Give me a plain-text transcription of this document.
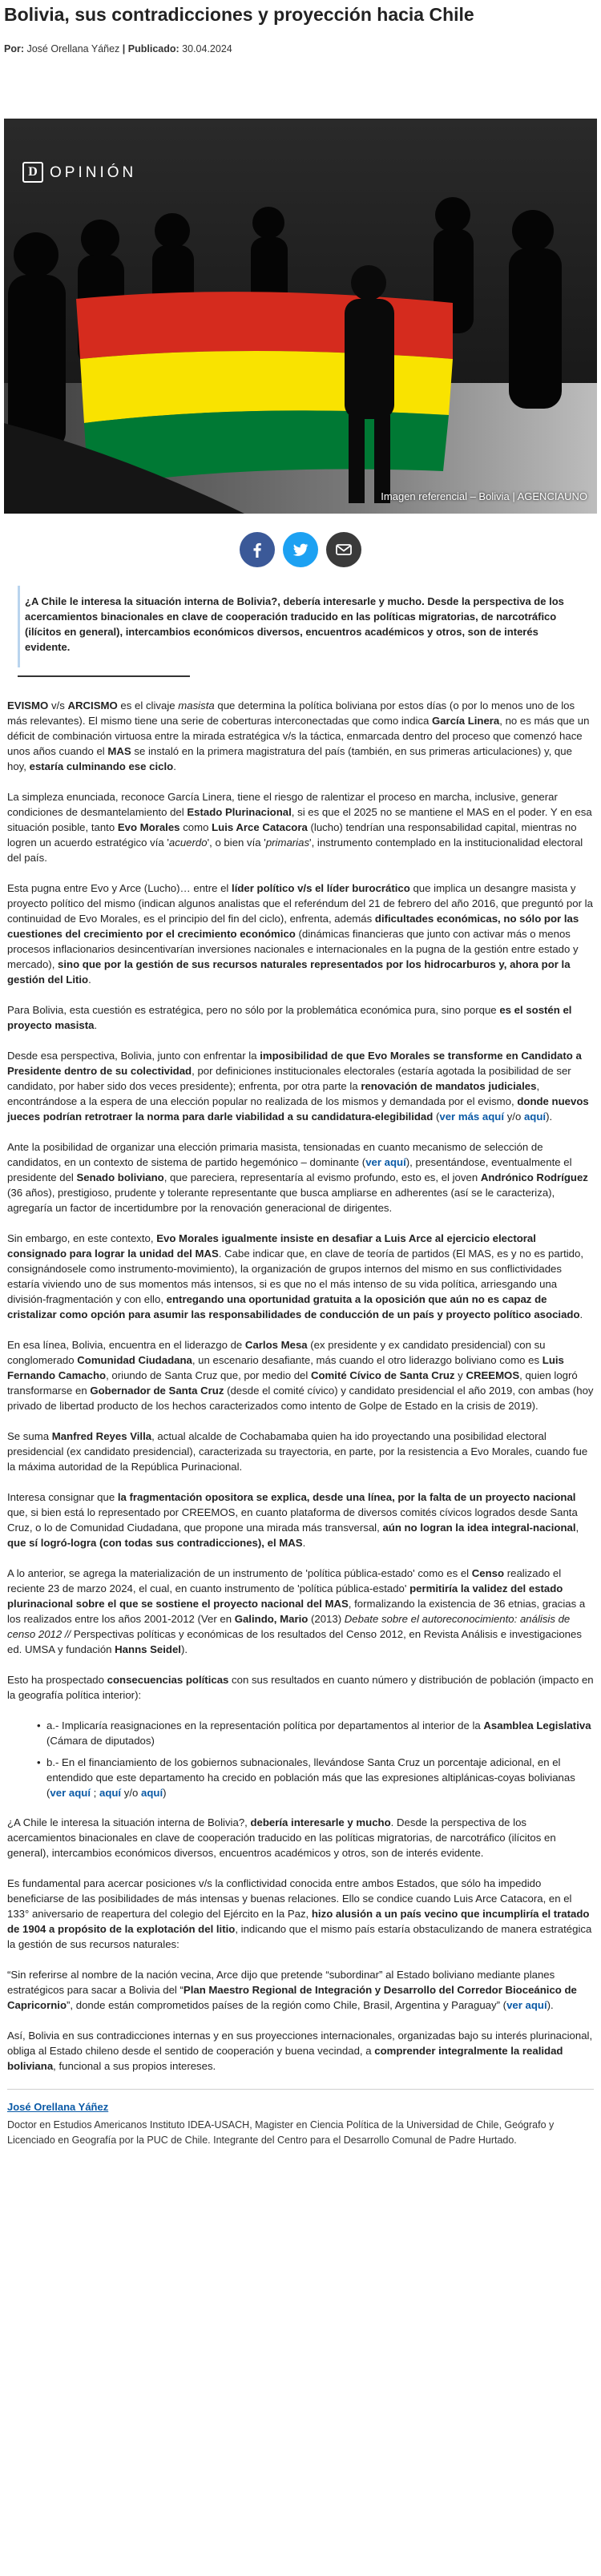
Bolivia, sus contradicciones y proyección hacia Chile
Por: José Orellana Yáñez | Publicado: 30.04.2024
D OPINIÓN
Imagen referencial – Bolivia | AGENCIAUNO
¿A Chile le interesa la situación interna de Bolivia?, debería interesarle y mucho. Desde la perspectiva de los acercamientos binacionales en clave de cooperación traducido en las políticas migratorias, de narcotráfico (ilícitos en general), intercambios económicos diversos, encuentros académicos y otros, son de interés evidente.

EVISMO v/s ARCISMO es el clivaje masista que determina la política boliviana por estos días (o por lo menos uno de los más relevantes). El mismo tiene una serie de coberturas interconectadas que como indica García Linera, no es más que un déficit de combinación virtuosa entre la mirada estratégica v/s la táctica, enmarcada dentro del proceso que comenzó hace unos años cuando el MAS se instaló en la primera magistratura del país (también, en sus primeras articulaciones) y, que hoy, estaría culminando ese ciclo.

La simpleza enunciada, reconoce García Linera, tiene el riesgo de ralentizar el proceso en marcha, inclusive, generar condiciones de desmantelamiento del Estado Plurinacional, si es que el 2025 no se mantiene el MAS en el poder. Y en esa situación posible, tanto Evo Morales como Luis Arce Catacora (lucho) tendrían una responsabilidad capital, mientras no logren un acuerdo estratégico vía 'acuerdo', o bien vía 'primarias', instrumento contemplado en la institucionalidad electoral del país.

Esta pugna entre Evo y Arce (Lucho)… entre el líder político v/s el líder burocrático que implica un desangre masista y proyecto político del mismo (indican algunos analistas que el referéndum del 21 de febrero del año 2016, que preguntó por la continuidad de Evo Morales, es el principio del fin del ciclo), enfrenta, además dificultades económicas, no sólo por las cuestiones del crecimiento por el crecimiento económico (dinámicas financieras que junto con activar más o menos procesos inflacionarios desincentivarían inversiones nacionales e internacionales en la pugna de la gestión entre estado y mercado), sino que por la gestión de sus recursos naturales representados por los hidrocarburos y, ahora por la gestión del Litio.

Para Bolivia, esta cuestión es estratégica, pero no sólo por la problemática económica pura, sino porque es el sostén el proyecto masista.

Desde esa perspectiva, Bolivia, junto con enfrentar la imposibilidad de que Evo Morales se transforme en Candidato a Presidente dentro de su colectividad, por definiciones institucionales electorales (estaría agotada la posibilidad de ser candidato, por haber sido dos veces presidente); enfrenta, por otra parte la renovación de mandatos judiciales, encontrándose a la espera de una elección popular no realizada de los mismos y demandada por el evismo, donde nuevos jueces podrían retrotraer la norma para darle viabilidad a su candidatura-elegibilidad (ver más aquí y/o aquí).

Ante la posibilidad de organizar una elección primaria masista, tensionadas en cuanto mecanismo de selección de candidatos, en un contexto de sistema de partido hegemónico – dominante (ver aquí), presentándose, eventualmente el presidente del Senado boliviano, que pareciera, representaría al evismo profundo, esto es, el joven Andrónico Rodríguez (36 años), prestigioso, prudente y tolerante representante que busca ampliarse en adherentes (así se le caracteriza), agregaría un factor de incertidumbre por la renovación generacional de dirigentes.

Sin embargo, en este contexto, Evo Morales igualmente insiste en desafiar a Luis Arce al ejercicio electoral consignado para lograr la unidad del MAS. Cabe indicar que, en clave de teoría de partidos (El MAS, es y no es partido, consignándosele como instrumento-movimiento), la organización de grupos internos del mismo en sus conflictividades estaría viviendo uno de sus momentos más intensos, si es que no el más intenso de su vida política, arriesgando una división-fragmentación y con ello, entregando una oportunidad gratuita a la oposición que aún no es capaz de cristalizar como opción para asumir las responsabilidades de conducción de un país y proyecto político asociado.

En esa línea, Bolivia, encuentra en el liderazgo de Carlos Mesa (ex presidente y ex candidato presidencial) con su conglomerado Comunidad Ciudadana, un escenario desafiante, más cuando el otro liderazgo boliviano como es Luis Fernando Camacho, oriundo de Santa Cruz que, por medio del Comité Cívico de Santa Cruz y CREEMOS, quien logró transformarse en Gobernador de Santa Cruz (desde el comité cívico) y candidato presidencial el año 2019, con ambas (hoy privado de libertad producto de los hechos caracterizados como intento de Golpe de Estado en la crisis de 2019).

Se suma Manfred Reyes Villa, actual alcalde de Cochabamaba quien ha ido proyectando una posibilidad electoral presidencial (ex candidato presidencial), caracterizada su trayectoria, en parte, por la resistencia a Evo Morales, cuando fue la máxima autoridad de la República Purinacional.

Interesa consignar que la fragmentación opositora se explica, desde una línea, por la falta de un proyecto nacional que, si bien está lo representado por CREEMOS, en cuanto plataforma de diversos comités cívicos logrados desde Santa Cruz, o lo de Comunidad Ciudadana, que propone una mirada más transversal, aún no logran la idea integral-nacional, que sí logró-logra (con todas sus contradicciones), el MAS.

A lo anterior, se agrega la materialización de un instrumento de 'política pública-estado' como es el Censo realizado el reciente 23 de marzo 2024, el cual, en cuanto instrumento de 'política pública-estado' permitiría la validez del estado plurinacional sobre el que se sostiene el proyecto nacional del MAS, formalizando la existencia de 36 etnias, gracias a los realizados entre los años 2001-2012 (Ver en Galindo, Mario (2013) Debate sobre el autoreconocimiento: análisis de censo 2012 // Perspectivas políticas y económicas de los resultados del Censo 2012, en Revista Análisis e investigaciones ed. UMSA y fundación Hanns Seidel).

Esto ha prospectado consecuencias políticas con sus resultados en cuanto número y distribución de población (impacto en la geografía política interior):

• a.- Implicaría reasignaciones en la representación política por departamentos al interior de la Asamblea Legislativa (Cámara de diputados)
• b.- En el financiamiento de los gobiernos subnacionales, llevándose Santa Cruz un porcentaje adicional, en el entendido que este departamento ha crecido en población más que las expresiones altiplánicas-coyas bolivianas (ver aquí ; aquí y/o aquí)

¿A Chile le interesa la situación interna de Bolivia?, debería interesarle y mucho. Desde la perspectiva de los acercamientos binacionales en clave de cooperación traducido en las políticas migratorias, de narcotráfico (ilícitos en general), intercambios económicos diversos, encuentros académicos y otros, son de interés evidente.

Es fundamental para acercar posiciones v/s la conflictividad conocida entre ambos Estados, que sólo ha impedido beneficiarse de las posibilidades de más intensas y buenas relaciones. Ello se condice cuando Luis Arce Catacora, en el 133° aniversario de reapertura del colegio del Ejército en la Paz, hizo alusión a un país vecino que incumpliría el tratado de 1904 a propósito de la explotación del litio, indicando que el mismo país estaría obstaculizando de manera estratégica la gestión de sus recursos naturales:

“Sin referirse al nombre de la nación vecina, Arce dijo que pretende “subordinar” al Estado boliviano mediante planes estratégicos para sacar a Bolivia del “Plan Maestro Regional de Integración y Desarrollo del Corredor Bioceánico de Capricornio”, donde están comprometidos países de la región como Chile, Brasil, Argentina y Paraguay” (ver aquí).

Así, Bolivia en sus contradicciones internas y en sus proyecciones internacionales, organizadas bajo su interés plurinacional, obliga al Estado chileno desde el sentido de cooperación y buena vecindad, a comprender integralmente la realidad boliviana, funcional a sus propios intereses.

José Orellana Yáñez
Doctor en Estudios Americanos Instituto IDEA-USACH, Magister en Ciencia Política de la Universidad de Chile, Geógrafo y Licenciado en Geografía por la PUC de Chile. Integrante del Centro para el Desarrollo Comunal de Padre Hurtado.
